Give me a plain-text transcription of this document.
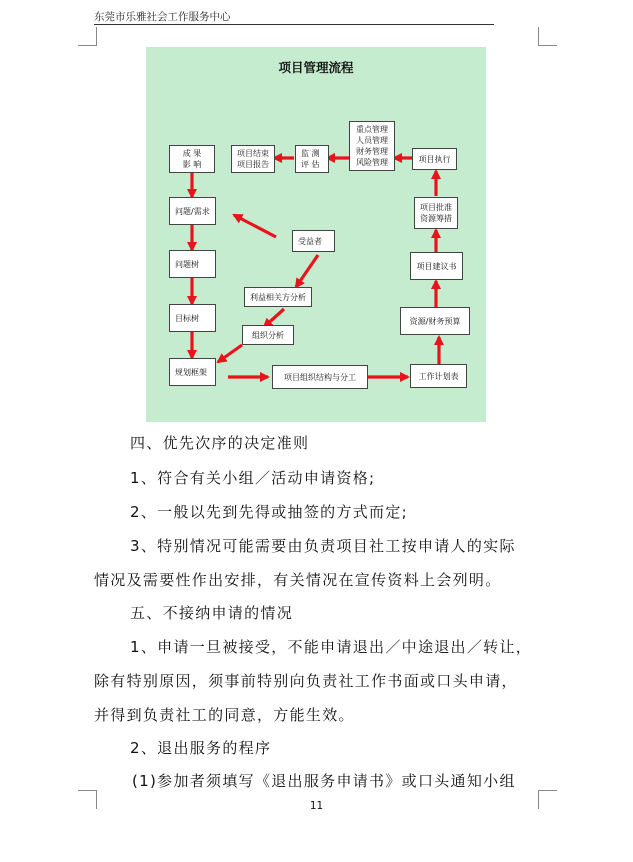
东莞市乐雅社会工作服务中心
项目管理流程
成 果
影 响
项目结束
项目报告
监 测
评 估
重点管理
人员管理
财务管理
风险管理	项目执行
问题/需求	项目批准
资源筹措
受益者
问题树	项目建议书
利益相关方分析
目标树	资源/财务预算
组织分析
规划框架
项目组织结构与分工	工作计划表
四、优先次序的决定准则
1、符合有关小组／活动申请资格;
2、一般以先到先得或抽签的方式而定;
3、特别情况可能需要由负责项目社工按申请人的实际
情况及需要性作出安排，有关情况在宣传资料上会列明。
五、不接纳申请的情况
1、申请一旦被接受，不能申请退出／中途退出／转让，
除有特别原因，须事前特别向负责社工作书面或口头申请，
并得到负责社工的同意，方能生效。
2、退出服务的程序
(1)参加者须填写《退出服务申请书》或口头通知小组
11
